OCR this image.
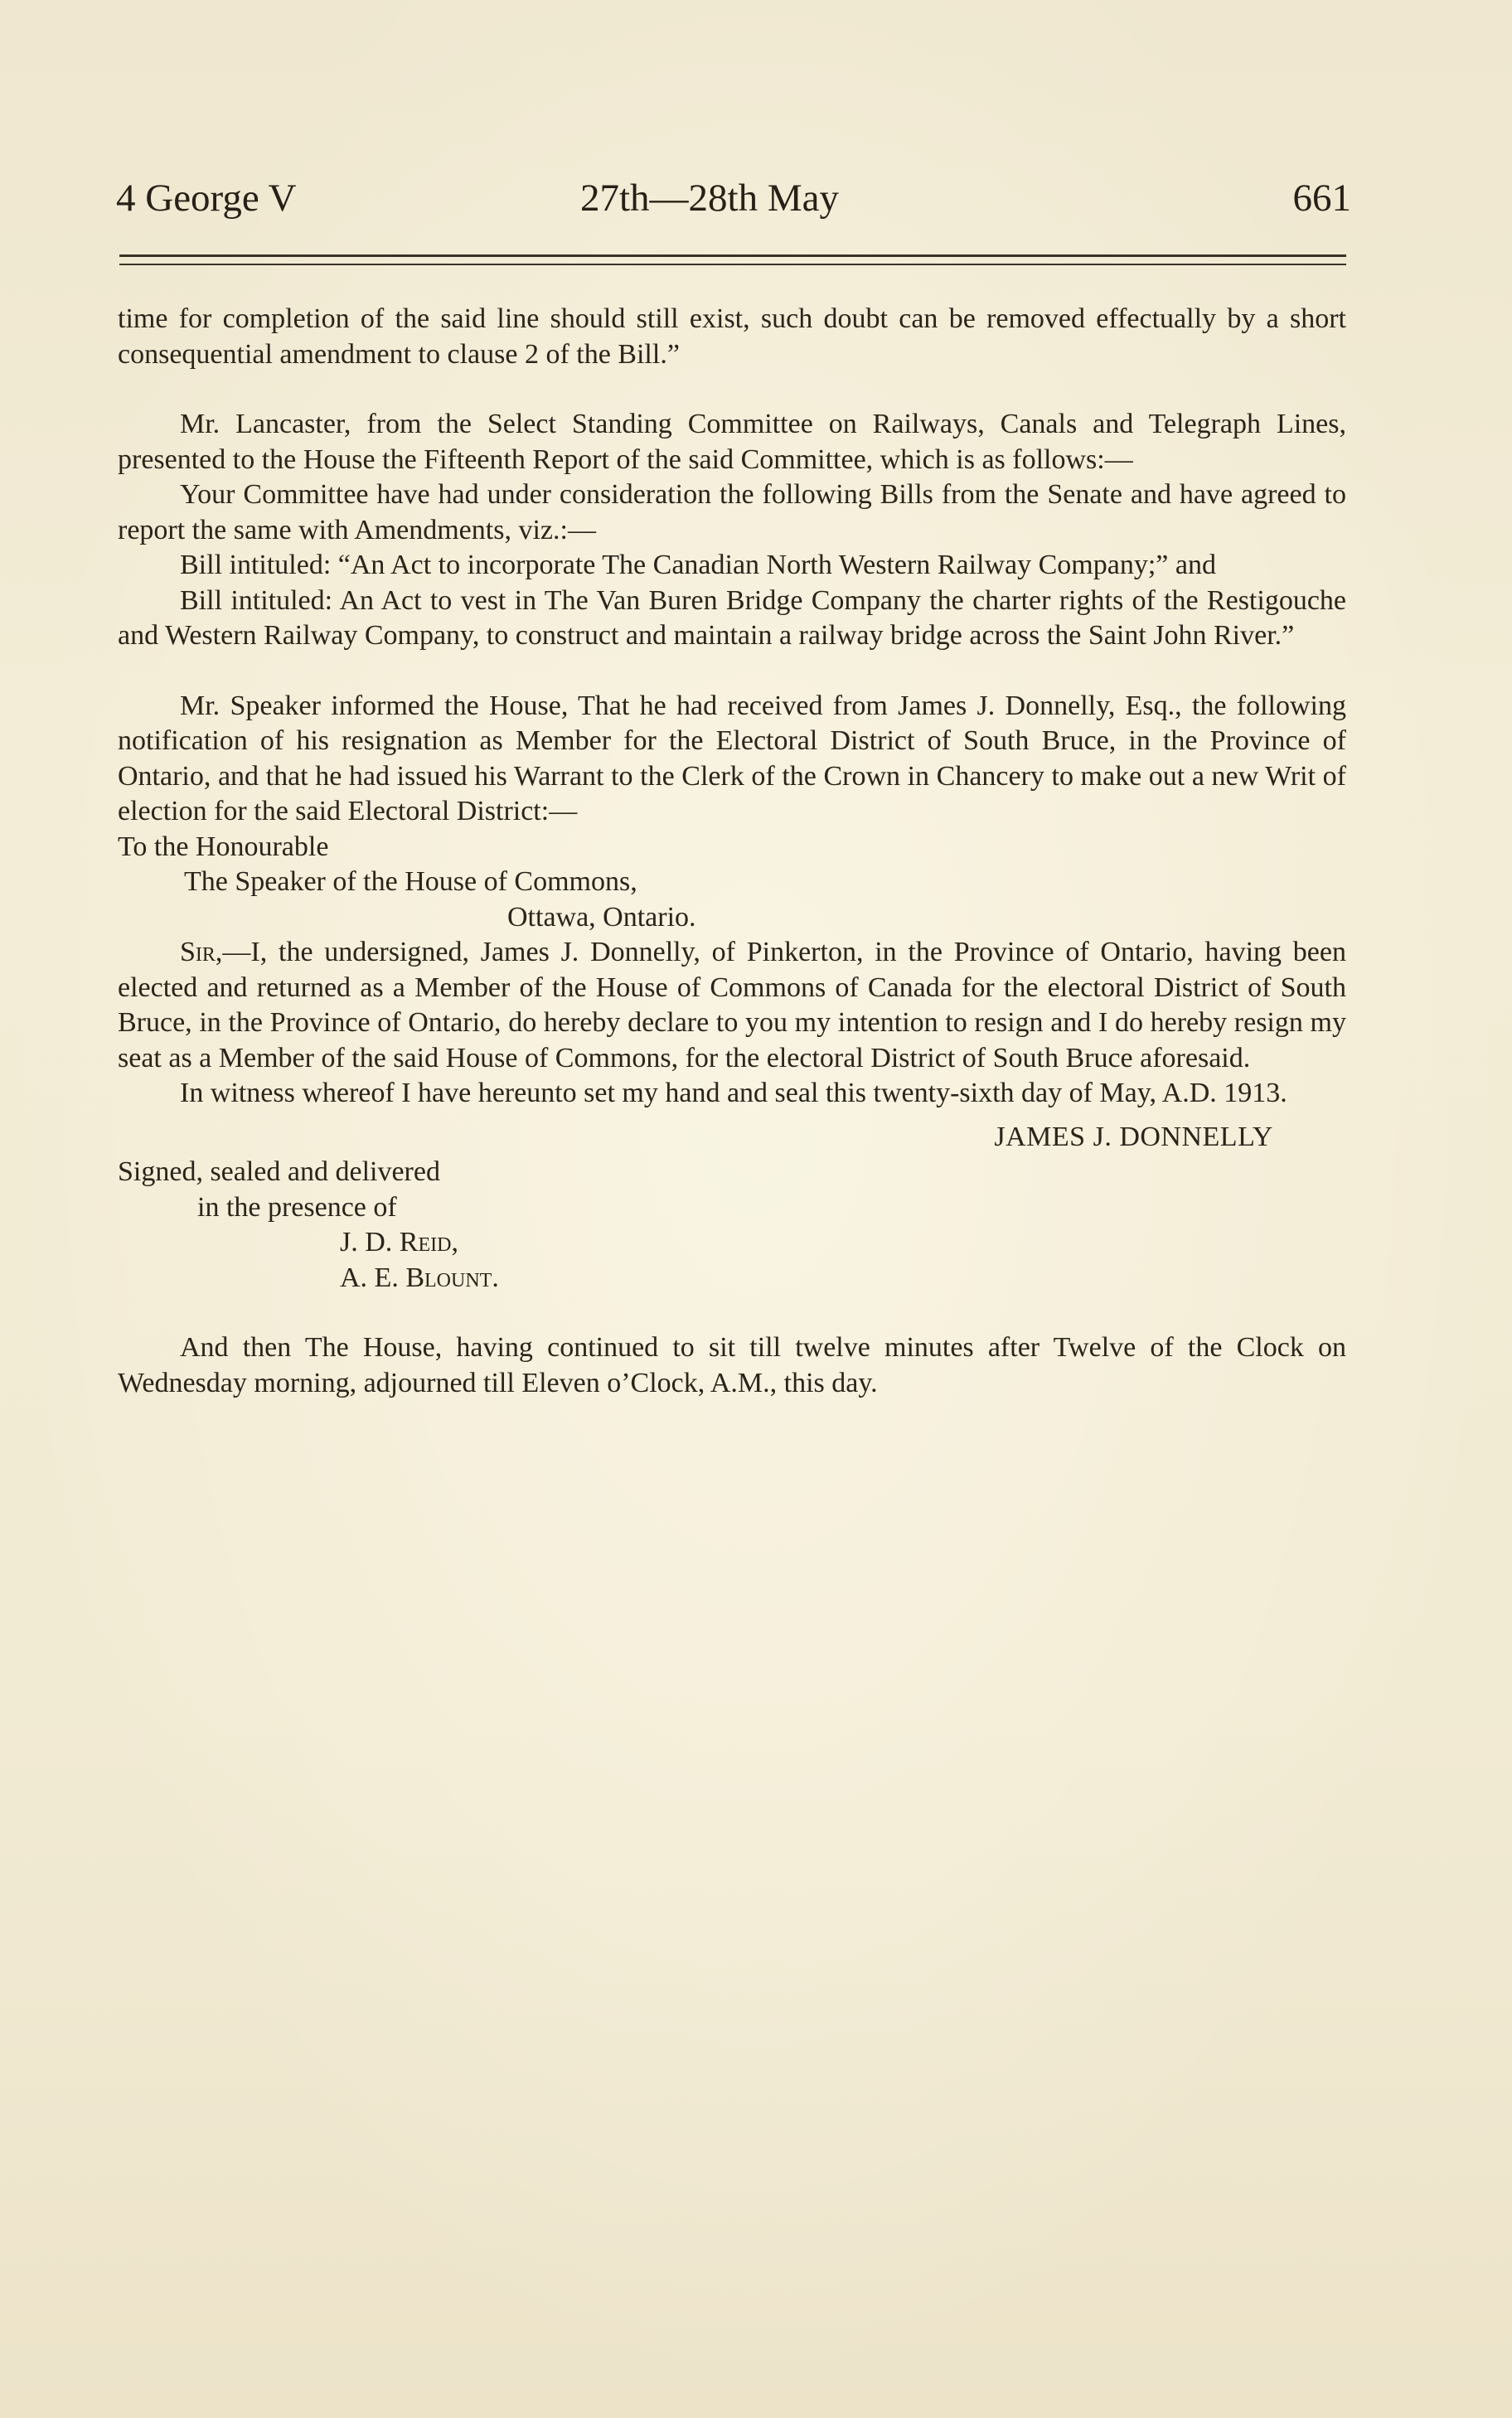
4 George V	27th—28th May	661

time for completion of the said line should still exist, such doubt can be removed effectually by a short consequential amendment to clause 2 of the Bill.”

Mr. Lancaster, from the Select Standing Committee on Railways, Canals and Telegraph Lines, presented to the House the Fifteenth Report of the said Committee, which is as follows:—

Your Committee have had under consideration the following Bills from the Senate and have agreed to report the same with Amendments, viz.:—

Bill intituled: “An Act to incorporate The Canadian North Western Railway Company;” and

Bill intituled: An Act to vest in The Van Buren Bridge Company the charter rights of the Restigouche and Western Railway Company, to construct and maintain a railway bridge across the Saint John River.”

Mr. Speaker informed the House, That he had received from James J. Donnelly, Esq., the following notification of his resignation as Member for the Electoral District of South Bruce, in the Province of Ontario, and that he had issued his Warrant to the Clerk of the Crown in Chancery to make out a new Writ of election for the said Electoral District:—

To the Honourable

The Speaker of the House of Commons,

Ottawa, Ontario.

Sir,—I, the undersigned, James J. Donnelly, of Pinkerton, in the Province of Ontario, having been elected and returned as a Member of the House of Commons of Canada for the electoral District of South Bruce, in the Province of Ontario, do hereby declare to you my intention to resign and I do hereby resign my seat as a Member of the said House of Commons, for the electoral District of South Bruce aforesaid.

In witness whereof I have hereunto set my hand and seal this twenty-sixth day of May, A.D. 1913.

JAMES J. DONNELLY

Signed, sealed and delivered

in the presence of

J. D. Reid,

A. E. Blount.

And then The House, having continued to sit till twelve minutes after Twelve of the Clock on Wednesday morning, adjourned till Eleven o’Clock, A.M., this day.
